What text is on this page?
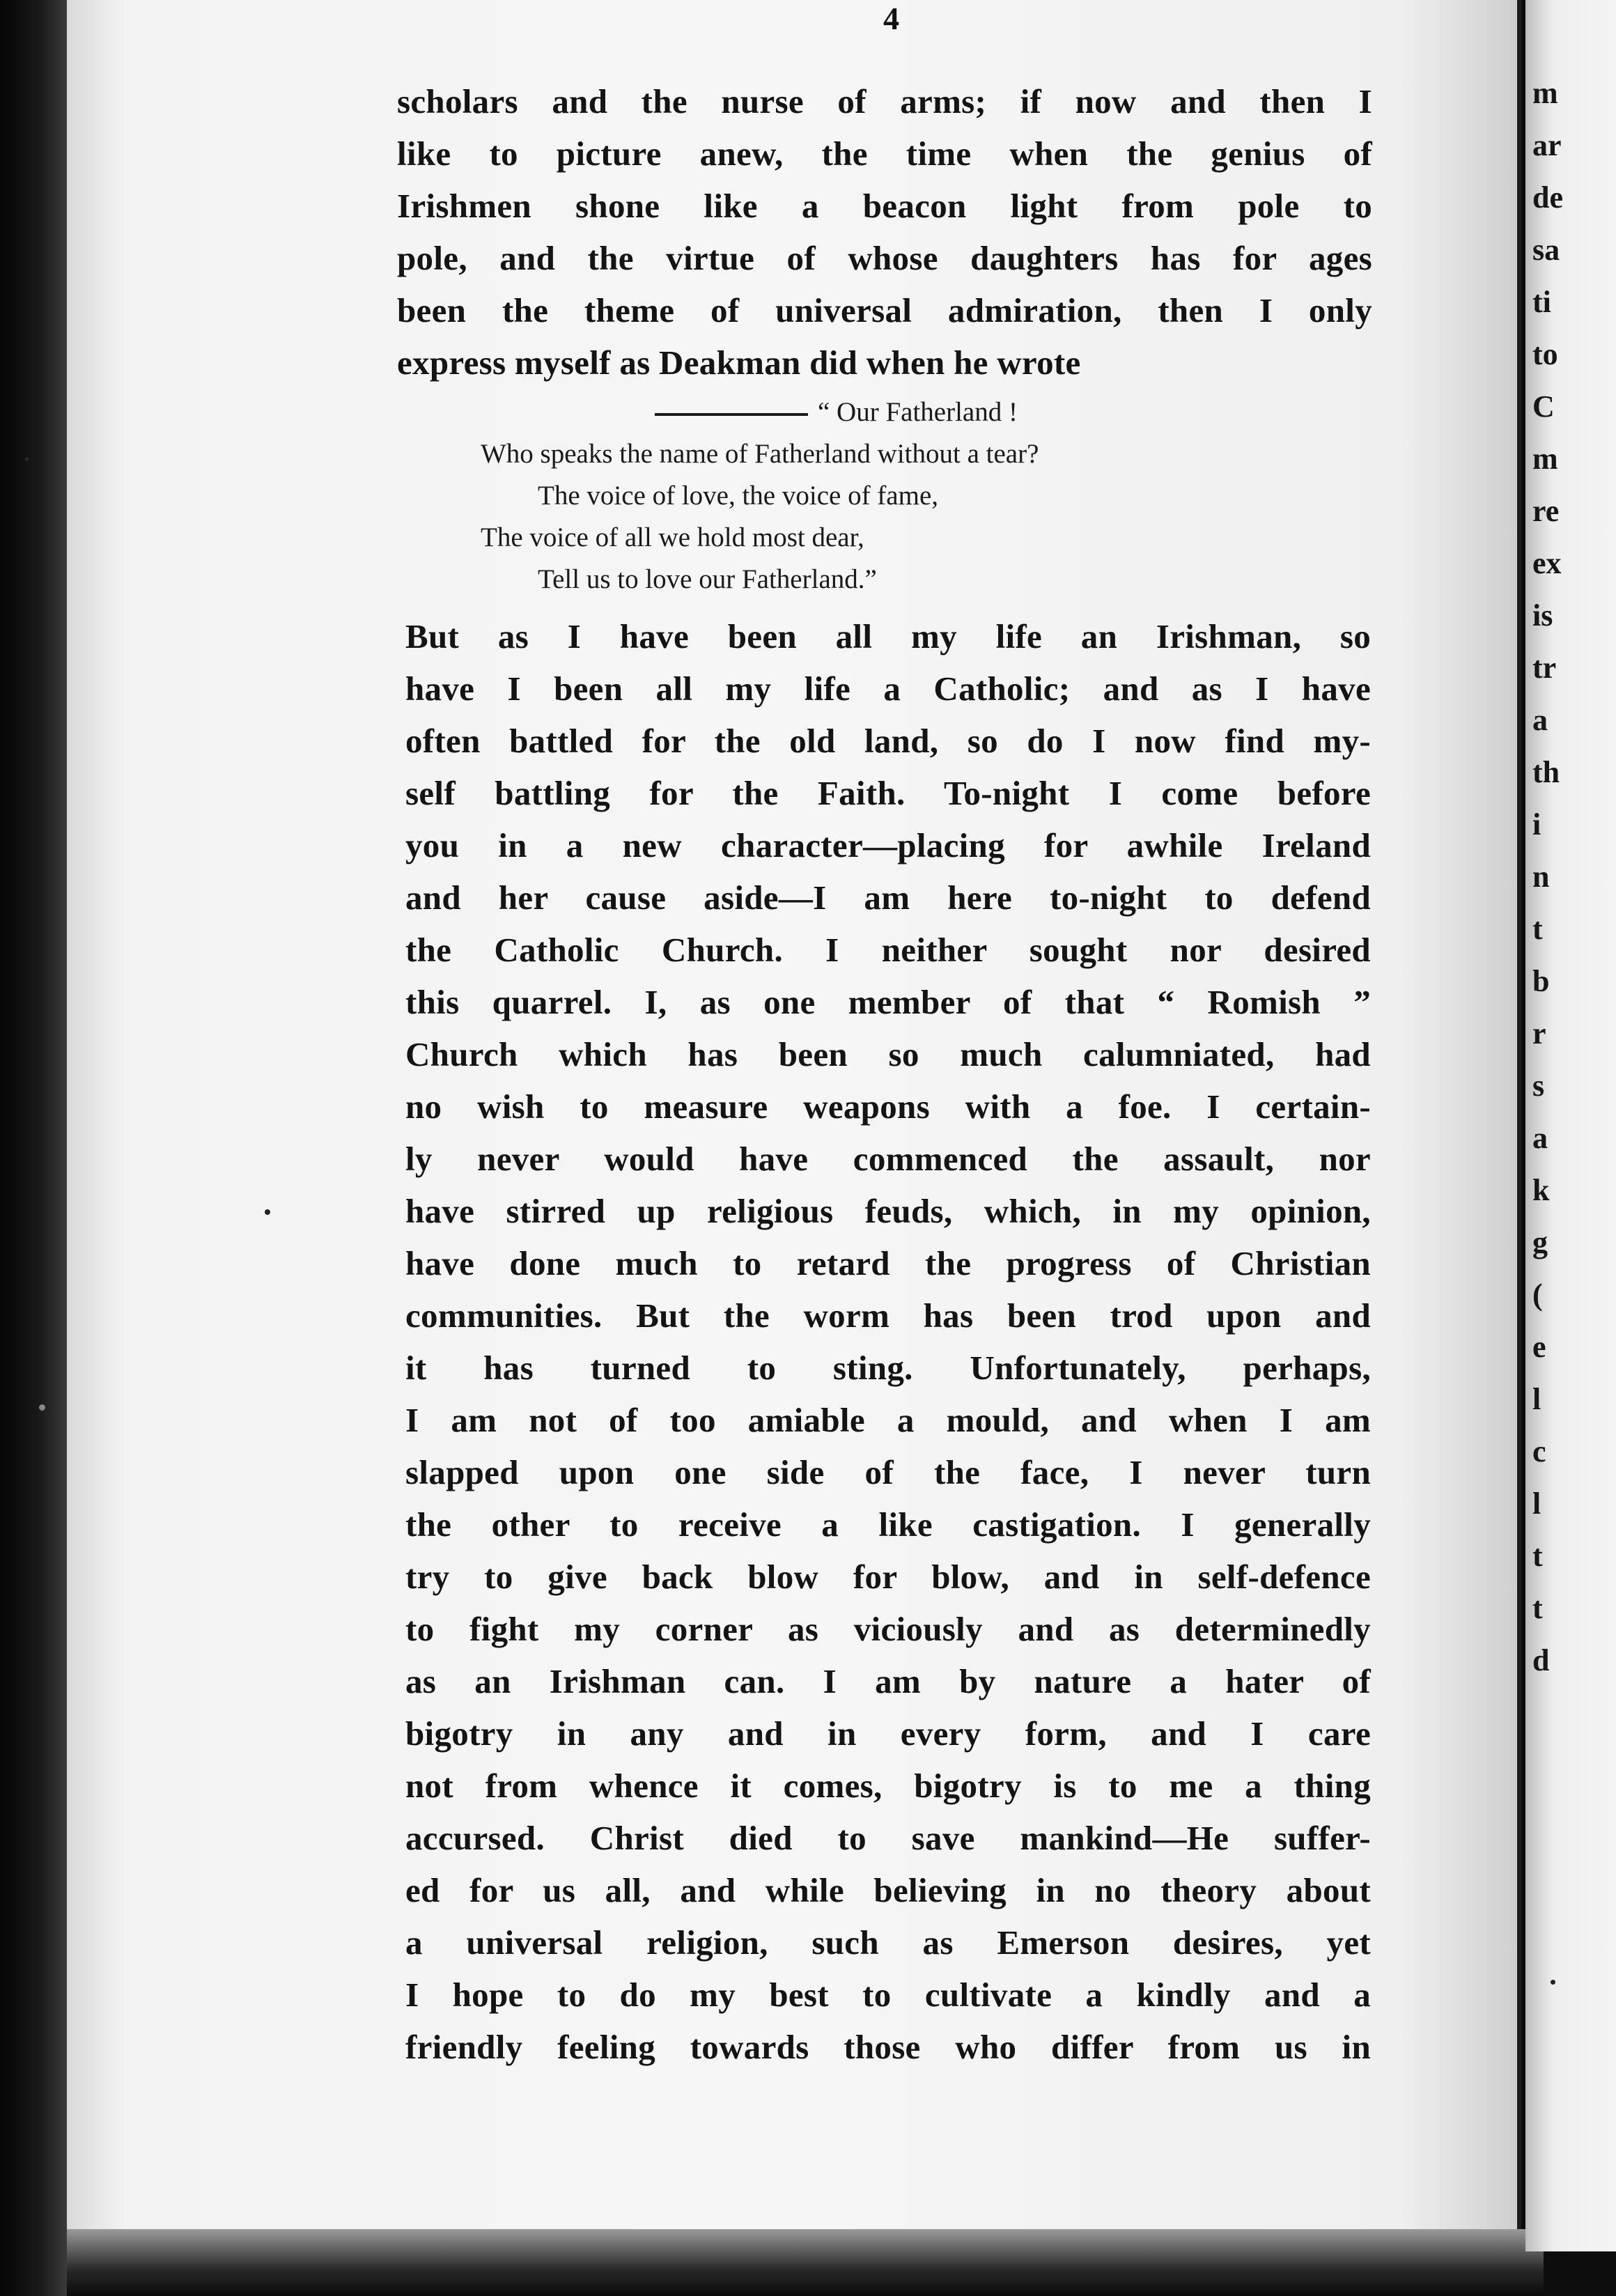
m
ar
de
sa
ti
to
C
m
re
ex
is
tr
a
th
i
n
t
b
r
s
a
k
g
(
e
l
c
l
t
t
d
4
scholars and the nurse of arms; if now and then I
like to picture anew, the time when the genius of
Irishmen shone like a beacon light from pole to
pole, and the virtue of whose daughters has for ages
been the theme of universal admiration, then I only
express myself as Deakman did when he wrote
“ Our Fatherland !
Who speaks the name of Fatherland without a tear?
The voice of love, the voice of fame,
The voice of all we hold most dear,
Tell us to love our Fatherland.”
But as I have been all my life an Irishman, so
have I been all my life a Catholic; and as I have
often battled for the old land, so do I now find my-
self battling for the Faith. To-night I come before
you in a new character—placing for awhile Ireland
and her cause aside—I am here to-night to defend
the Catholic Church. I neither sought nor desired
this quarrel. I, as one member of that “ Romish ”
Church which has been so much calumniated, had
no wish to measure weapons with a foe. I certain-
ly never would have commenced the assault, nor
have stirred up religious feuds, which, in my opinion,
have done much to retard the progress of Christian
communities. But the worm has been trod upon and
it has turned to sting. Unfortunately, perhaps,
I am not of too amiable a mould, and when I am
slapped upon one side of the face, I never turn
the other to receive a like castigation. I generally
try to give back blow for blow, and in self-defence
to fight my corner as viciously and as determinedly
as an Irishman can. I am by nature a hater of
bigotry in any and in every form, and I care
not from whence it comes, bigotry is to me a thing
accursed. Christ died to save mankind—He suffer-
ed for us all, and while believing in no theory about
a universal religion, such as Emerson desires, yet
I hope to do my best to cultivate a kindly and a
friendly feeling towards those who differ from us in
